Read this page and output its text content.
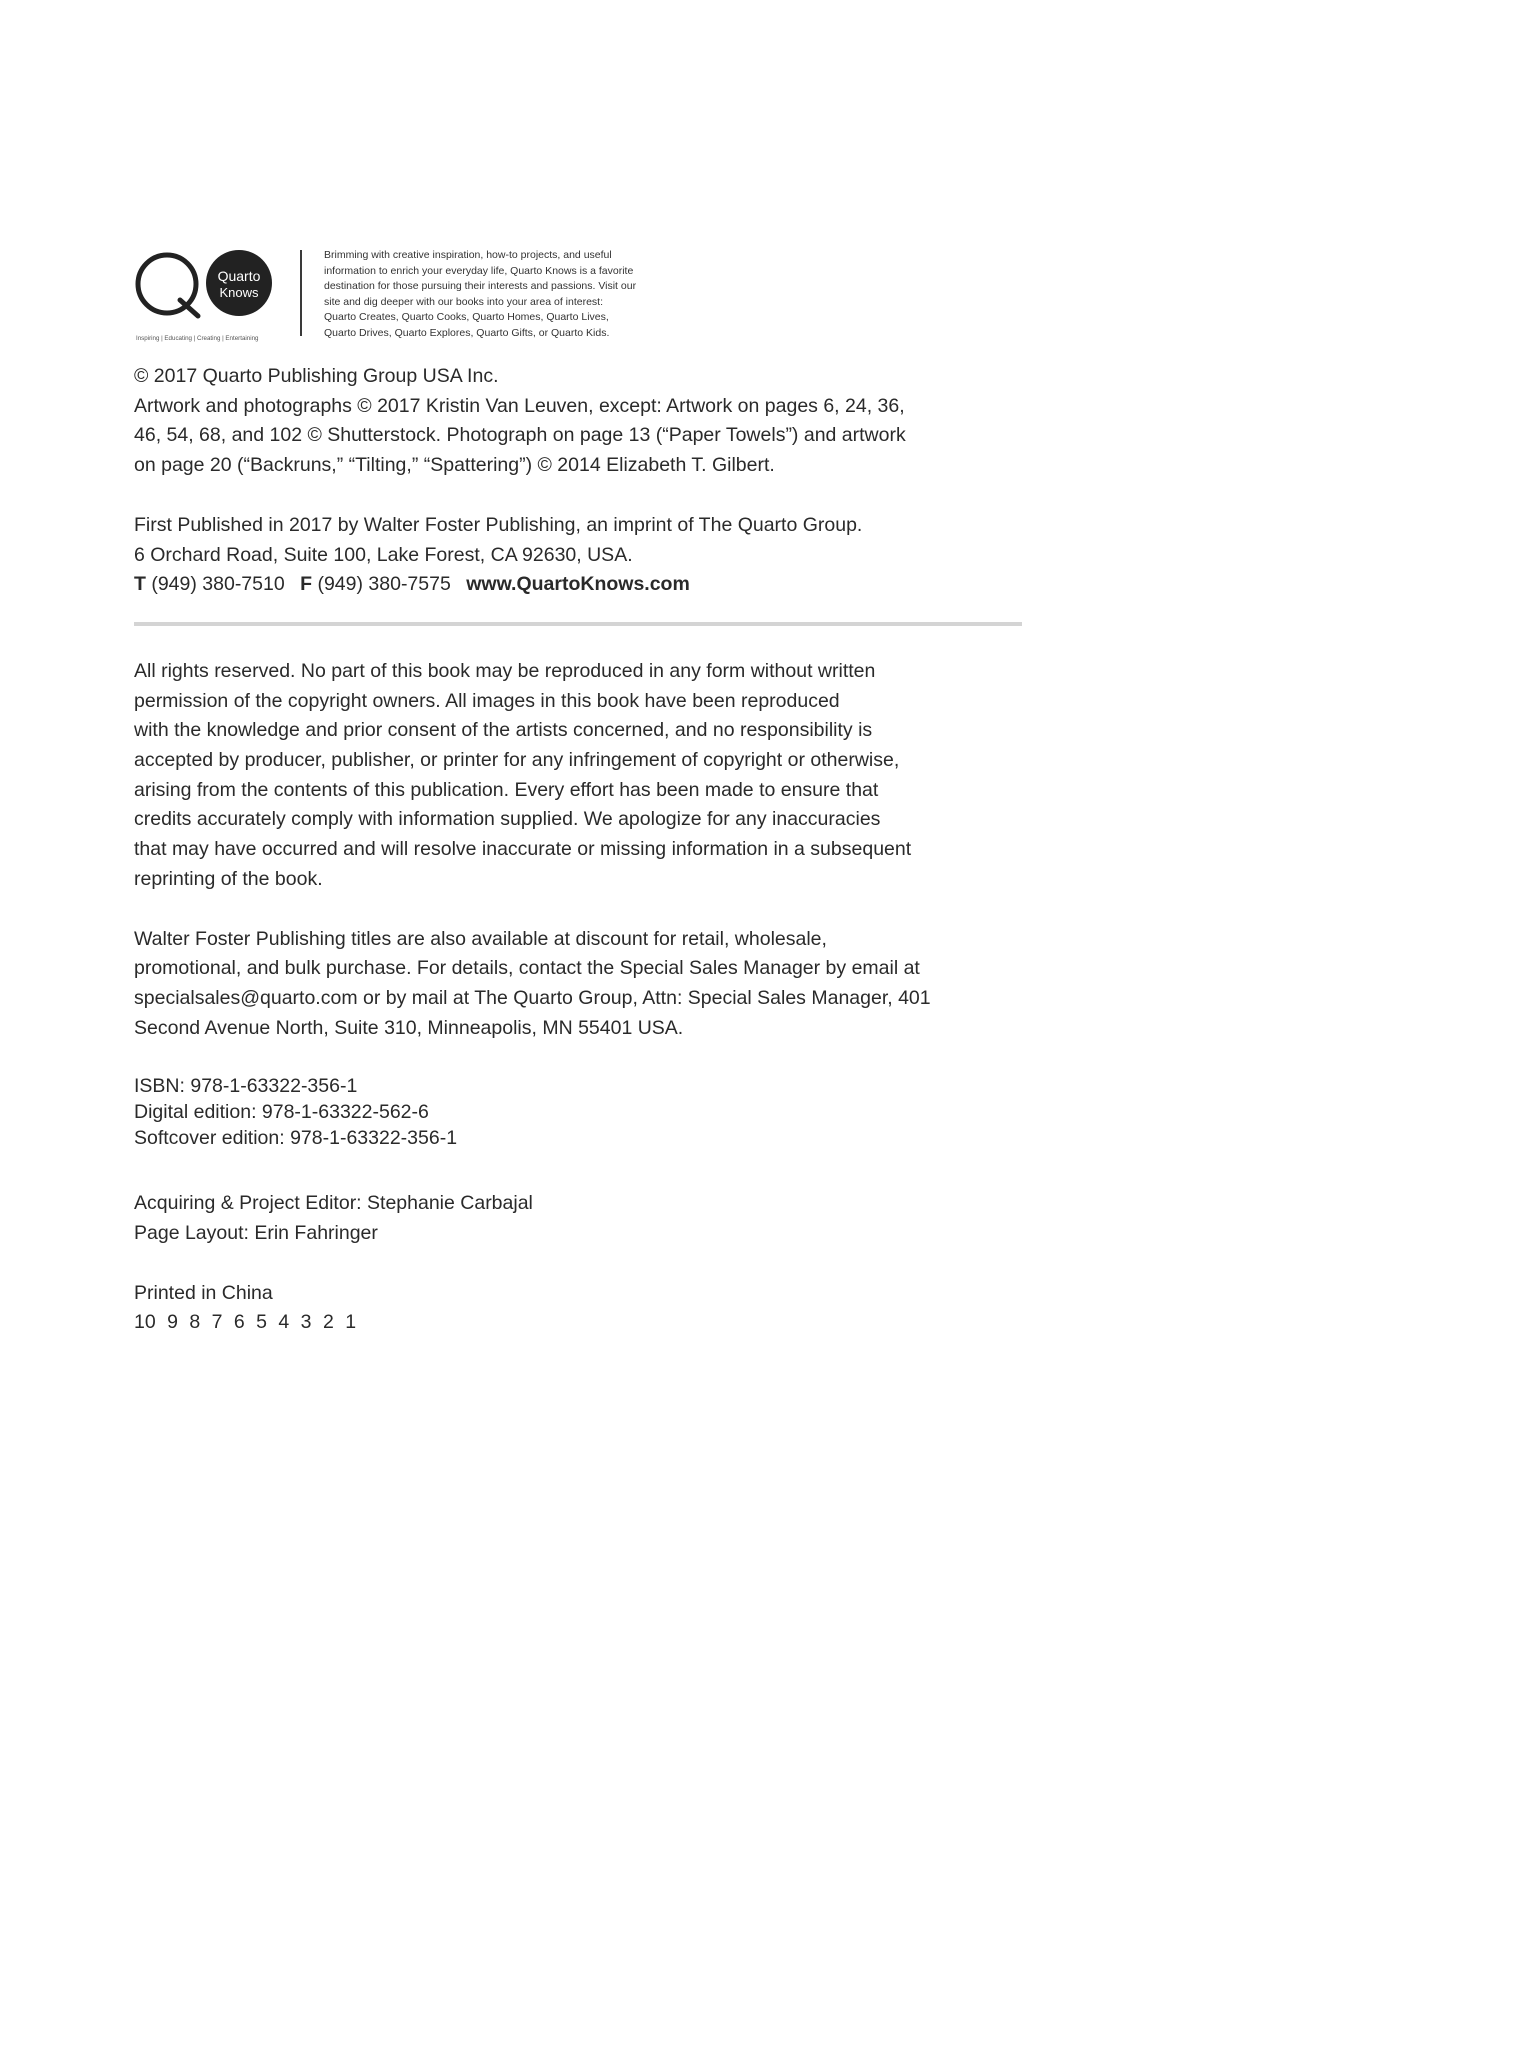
Quarto
Knows
Inspiring | Educating | Creating | Entertaining
Brimming with creative inspiration, how-to projects, and useful
information to enrich your everyday life, Quarto Knows is a favorite
destination for those pursuing their interests and passions. Visit our
site and dig deeper with our books into your area of interest:
Quarto Creates, Quarto Cooks, Quarto Homes, Quarto Lives,
Quarto Drives, Quarto Explores, Quarto Gifts, or Quarto Kids.
© 2017 Quarto Publishing Group USA Inc.
Artwork and photographs © 2017 Kristin Van Leuven, except: Artwork on pages 6, 24, 36,
46, 54, 68, and 102 © Shutterstock. Photograph on page 13 (“Paper Towels”) and artwork
on page 20 (“Backruns,” “Tilting,” “Spattering”) © 2014 Elizabeth T. Gilbert.
First Published in 2017 by Walter Foster Publishing, an imprint of The Quarto Group.
6 Orchard Road, Suite 100, Lake Forest, CA 92630, USA.
T (949) 380-7510 F (949) 380-7575 www.QuartoKnows.com
All rights reserved. No part of this book may be reproduced in any form without written
permission of the copyright owners. All images in this book have been reproduced
with the knowledge and prior consent of the artists concerned, and no responsibility is
accepted by producer, publisher, or printer for any infringement of copyright or otherwise,
arising from the contents of this publication. Every effort has been made to ensure that
credits accurately comply with information supplied. We apologize for any inaccuracies
that may have occurred and will resolve inaccurate or missing information in a subsequent
reprinting of the book.
Walter Foster Publishing titles are also available at discount for retail, wholesale,
promotional, and bulk purchase. For details, contact the Special Sales Manager by email at
specialsales@quarto.com or by mail at The Quarto Group, Attn: Special Sales Manager, 401
Second Avenue North, Suite 310, Minneapolis, MN 55401 USA.
ISBN: 978-1-63322-356-1
Digital edition: 978-1-63322-562-6
Softcover edition: 978-1-63322-356-1
Acquiring & Project Editor: Stephanie Carbajal
Page Layout: Erin Fahringer
Printed in China
10 9 8 7 6 5 4 3 2 1
